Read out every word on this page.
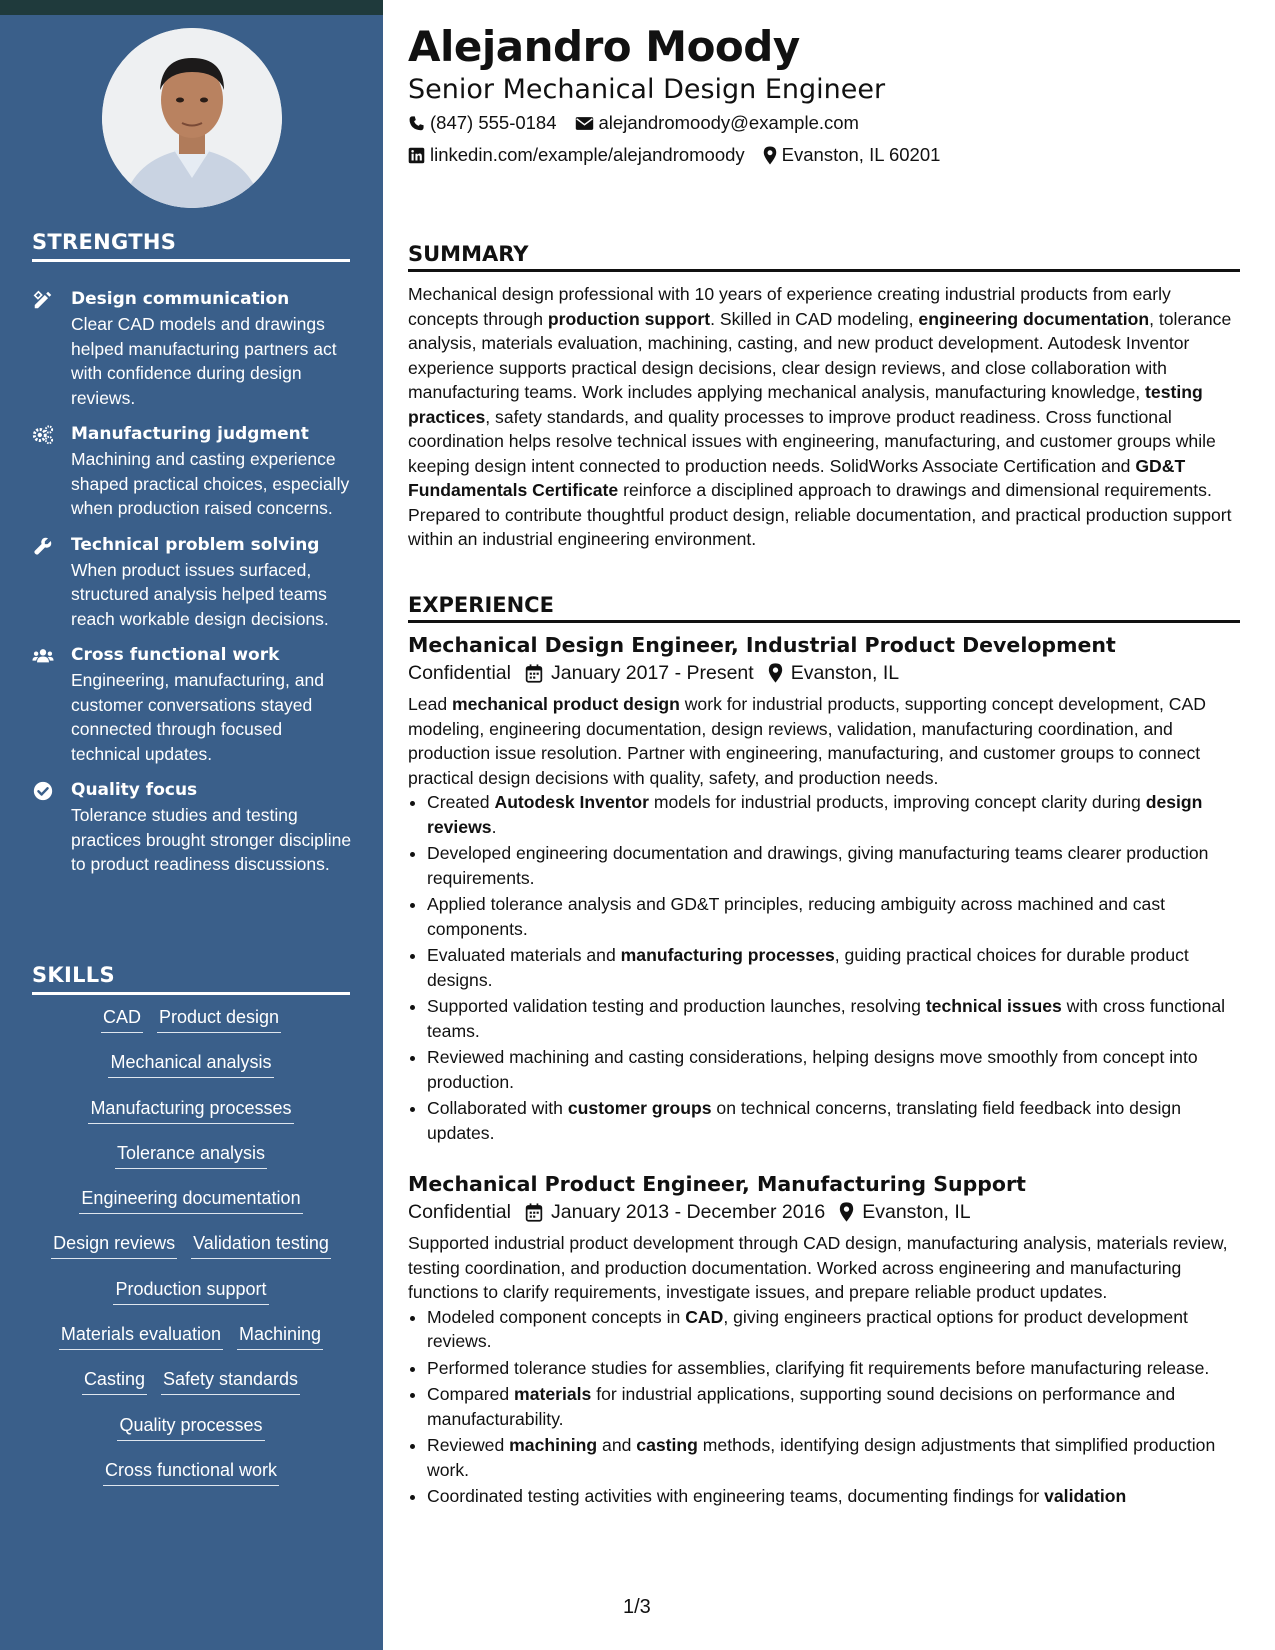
STRENGTHS
Design communication
Clear CAD models and drawings helped manufacturing partners act with confidence during design reviews.
Manufacturing judgment
Machining and casting experience shaped practical choices, especially when production raised concerns.
Technical problem solving
When product issues surfaced, structured analysis helped teams reach workable design decisions.
Cross functional work
Engineering, manufacturing, and customer conversations stayed connected through focused technical updates.
Quality focus
Tolerance studies and testing practices brought stronger discipline to product readiness discussions.
SKILLS
CAD Product design
Mechanical analysis
Manufacturing processes
Tolerance analysis
Engineering documentation
Design reviews Validation testing
Production support
Materials evaluation Machining
Casting Safety standards
Quality processes
Cross functional work
Alejandro Moody
Senior Mechanical Design Engineer
(847) 555-0184 alejandromoody@example.com
linkedin.com/example/alejandromoody Evanston, IL 60201
SUMMARY

Mechanical design professional with 10 years of experience creating industrial products from early concepts through production support. Skilled in CAD modeling, engineering documentation, tolerance analysis, materials evaluation, machining, casting, and new product development. Autodesk Inventor experience supports practical design decisions, clear design reviews, and close collaboration with manufacturing teams. Work includes applying mechanical analysis, manufacturing knowledge, testing practices, safety standards, and quality processes to improve product readiness. Cross functional coordination helps resolve technical issues with engineering, manufacturing, and customer groups while keeping design intent connected to production needs. SolidWorks Associate Certification and GD&T Fundamentals Certificate reinforce a disciplined approach to drawings and dimensional requirements. Prepared to contribute thoughtful product design, reliable documentation, and practical production support within an industrial engineering environment.

EXPERIENCE
Mechanical Design Engineer, Industrial Product Development
Confidential January 2017 - Present Evanston, IL

Lead mechanical product design work for industrial products, supporting concept development, CAD modeling, engineering documentation, design reviews, validation, manufacturing coordination, and production issue resolution. Partner with engineering, manufacturing, and customer groups to connect practical design decisions with quality, safety, and production needs.

• Created Autodesk Inventor models for industrial products, improving concept clarity during design reviews.
• Developed engineering documentation and drawings, giving manufacturing teams clearer production requirements.
• Applied tolerance analysis and GD&T principles, reducing ambiguity across machined and cast components.
• Evaluated materials and manufacturing processes, guiding practical choices for durable product designs.
• Supported validation testing and production launches, resolving technical issues with cross functional teams.
• Reviewed machining and casting considerations, helping designs move smoothly from concept into production.
• Collaborated with customer groups on technical concerns, translating field feedback into design updates.
Mechanical Product Engineer, Manufacturing Support
Confidential January 2013 - December 2016 Evanston, IL

Supported industrial product development through CAD design, manufacturing analysis, materials review, testing coordination, and production documentation. Worked across engineering and manufacturing functions to clarify requirements, investigate issues, and prepare reliable product updates.

• Modeled component concepts in CAD, giving engineers practical options for product development reviews.
• Performed tolerance studies for assemblies, clarifying fit requirements before manufacturing release.
• Compared materials for industrial applications, supporting sound decisions on performance and manufacturability.
• Reviewed machining and casting methods, identifying design adjustments that simplified production work.
• Coordinated testing activities with engineering teams, documenting findings for validation
1/3
